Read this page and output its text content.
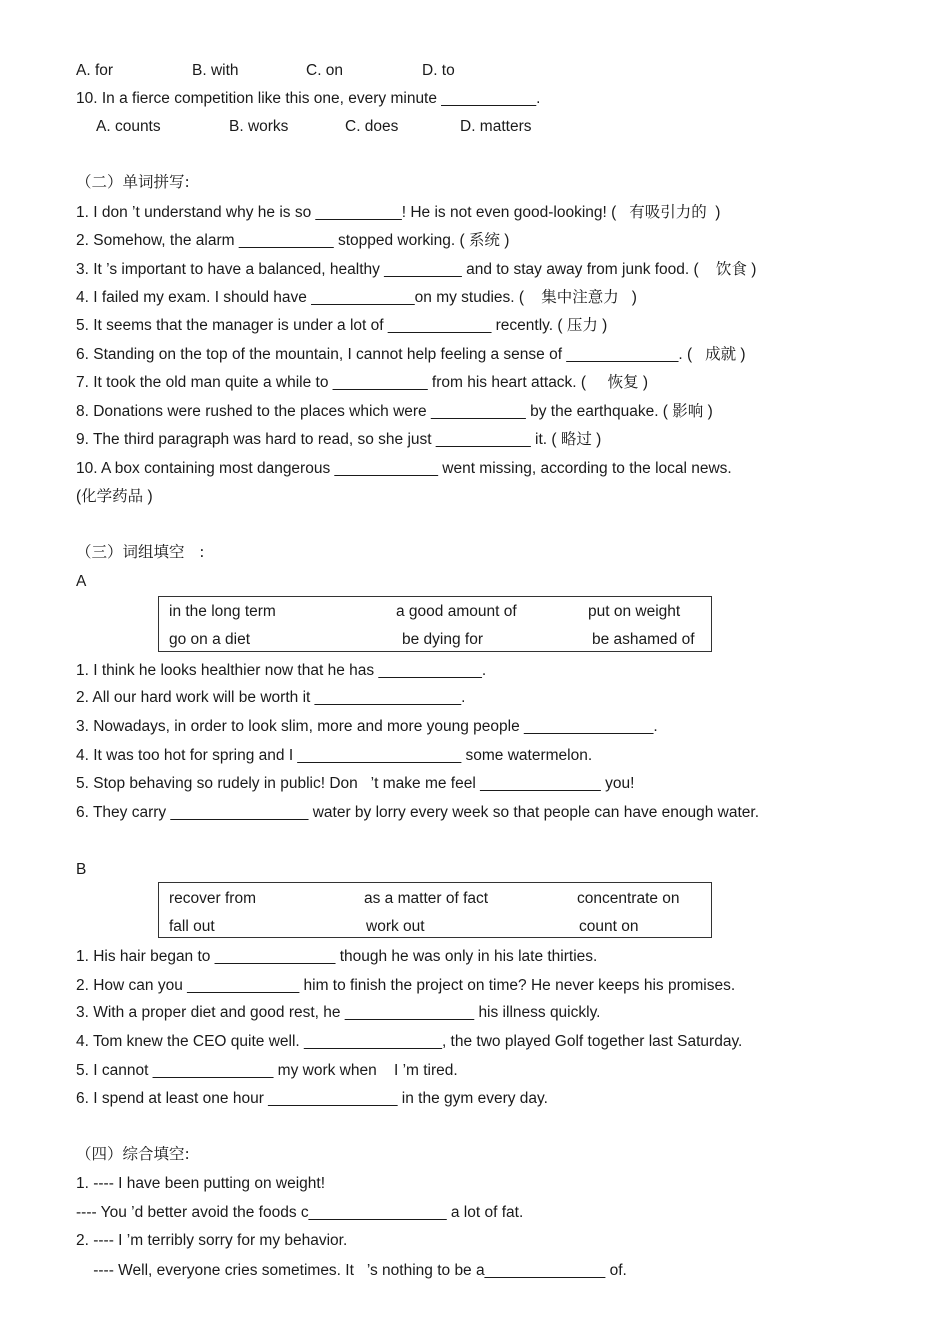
A. for	B. with	C. on	D. to
10. In a fierce competition like this one, every minute ___________.
A. counts	B. works	C. does	D. matters
（二）单词拼写:
1. I don ’t understand why he is so __________! He is not even good-looking! (   有吸引力的  )
2. Somehow, the alarm ___________ stopped working. ( 系统 )
3. It ’s important to have a balanced, healthy _________ and to stay away from junk food. (    饮食 )
4. I failed my exam. I should have ____________on my studies. (    集中注意力   )
5. It seems that the manager is under a lot of ____________ recently. ( 压力 )
6. Standing on the top of the mountain, I cannot help feeling a sense of _____________. (   成就 )
7. It took the old man quite a while to ___________ from his heart attack. (     恢复 )
8. Donations were rushed to the places which were ___________ by the earthquake. ( 影响 )
9. The third paragraph was hard to read, so she just ___________ it. ( 略过 )
10. A box containing most dangerous ____________ went missing, according to the local news.
(化学药品 )
（三）词组填空   :
A
in the long term	a good amount of	put on weight
go on a diet	be dying for	be ashamed of
1. I think he looks healthier now that he has ____________.
2. All our hard work will be worth it _________________.
3. Nowadays, in order to look slim, more and more young people _______________.
4. It was too hot for spring and I ___________________ some watermelon.
5. Stop behaving so rudely in public! Don   ’t make me feel ______________ you!
6. They carry ________________ water by lorry every week so that people can have enough water.
B
recover from	as a matter of fact	concentrate on
fall out	work out	count on
1. His hair began to ______________ though he was only in his late thirties.
2. How can you _____________ him to finish the project on time? He never keeps his promises.
3. With a proper diet and good rest, he _______________ his illness quickly.
4. Tom knew the CEO quite well. ________________, the two played Golf together last Saturday.
5. I cannot ______________ my work when    I ’m tired.
6. I spend at least one hour _______________ in the gym every day.
（四）综合填空:
1. ---- I have been putting on weight!
---- You ’d better avoid the foods c________________ a lot of fat.
2. ---- I ’m terribly sorry for my behavior.
---- Well, everyone cries sometimes. It   ’s nothing to be a______________ of.
